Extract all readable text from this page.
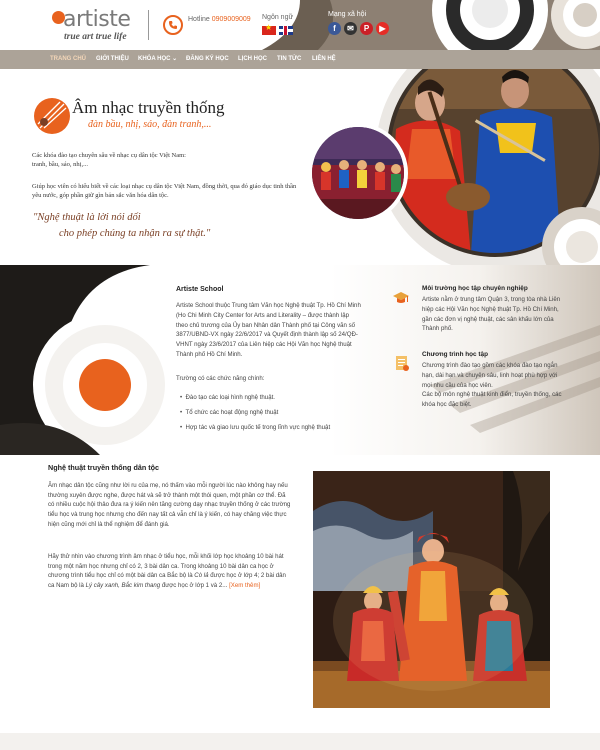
artiste
true art true life
Hotline 0909009009 Ngôn ngữ
★	Mạng xã hội
f	✉	P	▶
TRANG CHỦ GIỚI THIỆU KHÓA HỌC ⌄ ĐĂNG KÝ HỌC LỊCH HỌC TIN TỨC LIÊN HỆ
Âm nhạc truyền thống
đàn bầu, nhị, sáo, đàn tranh,...
Các khóa đào tạo chuyên sâu về nhạc cụ dân tộc Việt Nam:
tranh, bầu, sáo, nhị,...
Giúp học viên có hiểu biết về các loại nhạc cụ dân tộc Việt Nam, đồng thời, qua đó giáo dục tinh thần yêu nước, góp phần giữ gìn bản sắc văn hóa dân tộc.
"Nghệ thuật là lời nói dối
cho phép chúng ta nhận ra sự thật."
Artiste School
Artiste School thuộc Trung tâm Văn học Nghệ thuật Tp. Hồ Chí Minh (Ho Chi Minh City Center for Arts and Literality – được thành lập theo chủ trương của Ủy ban Nhân dân Thành phố tại Công văn số 3877/UBND-VX ngày 22/6/2017 và Quyết định thành lập số 24/QĐ-VHNT ngày 23/6/2017 của Liên hiệp các Hội Văn học Nghệ thuật Thành phố Hồ Chí Minh.
Trường có các chức năng chính:
•  Đào tạo các loại hình nghệ thuật.
•  Tổ chức các hoạt động nghệ thuật
•  Hợp tác và giao lưu quốc tế trong lĩnh vực nghệ thuật
Môi trường học tập chuyên nghiệp
Artiste nằm ở trung tâm Quận 3, trong tòa nhà Liên hiệp các Hội Văn học Nghệ thuật Tp. Hồ Chí Minh, gần các đơn vị nghệ thuật, các sân khấu lớn của Thành phố.
Chương trình học tập
Chương trình đào tạo gồm các khóa đào tạo ngắn hạn, dài hạn và chuyên sâu, linh hoạt phù hợp với mọi nhu cầu của học viên.
Các bộ môn nghệ thuật kinh điển, truyền thống, các khóa học đặc biệt.
Nghệ thuật truyền thống dân tộc
Âm nhạc dân tộc cũng như lời ru của mẹ, nó thấm vào mỗi người lúc nào không hay nếu thường xuyên được nghe, được hát và sẽ trở thành một thói quen, một phần cơ thể. Đã có nhiều cuộc hội thảo đưa ra ý kiến nên tăng cường dạy nhạc truyền thống ở các trường tiểu học và trung học nhưng cho đến nay tất cả vẫn chỉ là ý kiến, có hay chăng việc thực hiện cũng mới chỉ là thể nghiệm để đánh giá.
Hãy thử nhìn vào chương trình âm nhạc ở tiểu học, mỗi khối lớp học khoảng 10 bài hát trong một năm học nhưng chỉ có 2, 3 bài dân ca. Trong khoảng 10 bài dân ca học ở chương trình tiểu học chỉ có một bài dân ca Bắc bộ là Cò lả được học ở lớp 4; 2 bài dân ca Nam bộ là Lý cây xanh, Bắc kim thang được học ở lớp 1 và 2... [Xem thêm]
